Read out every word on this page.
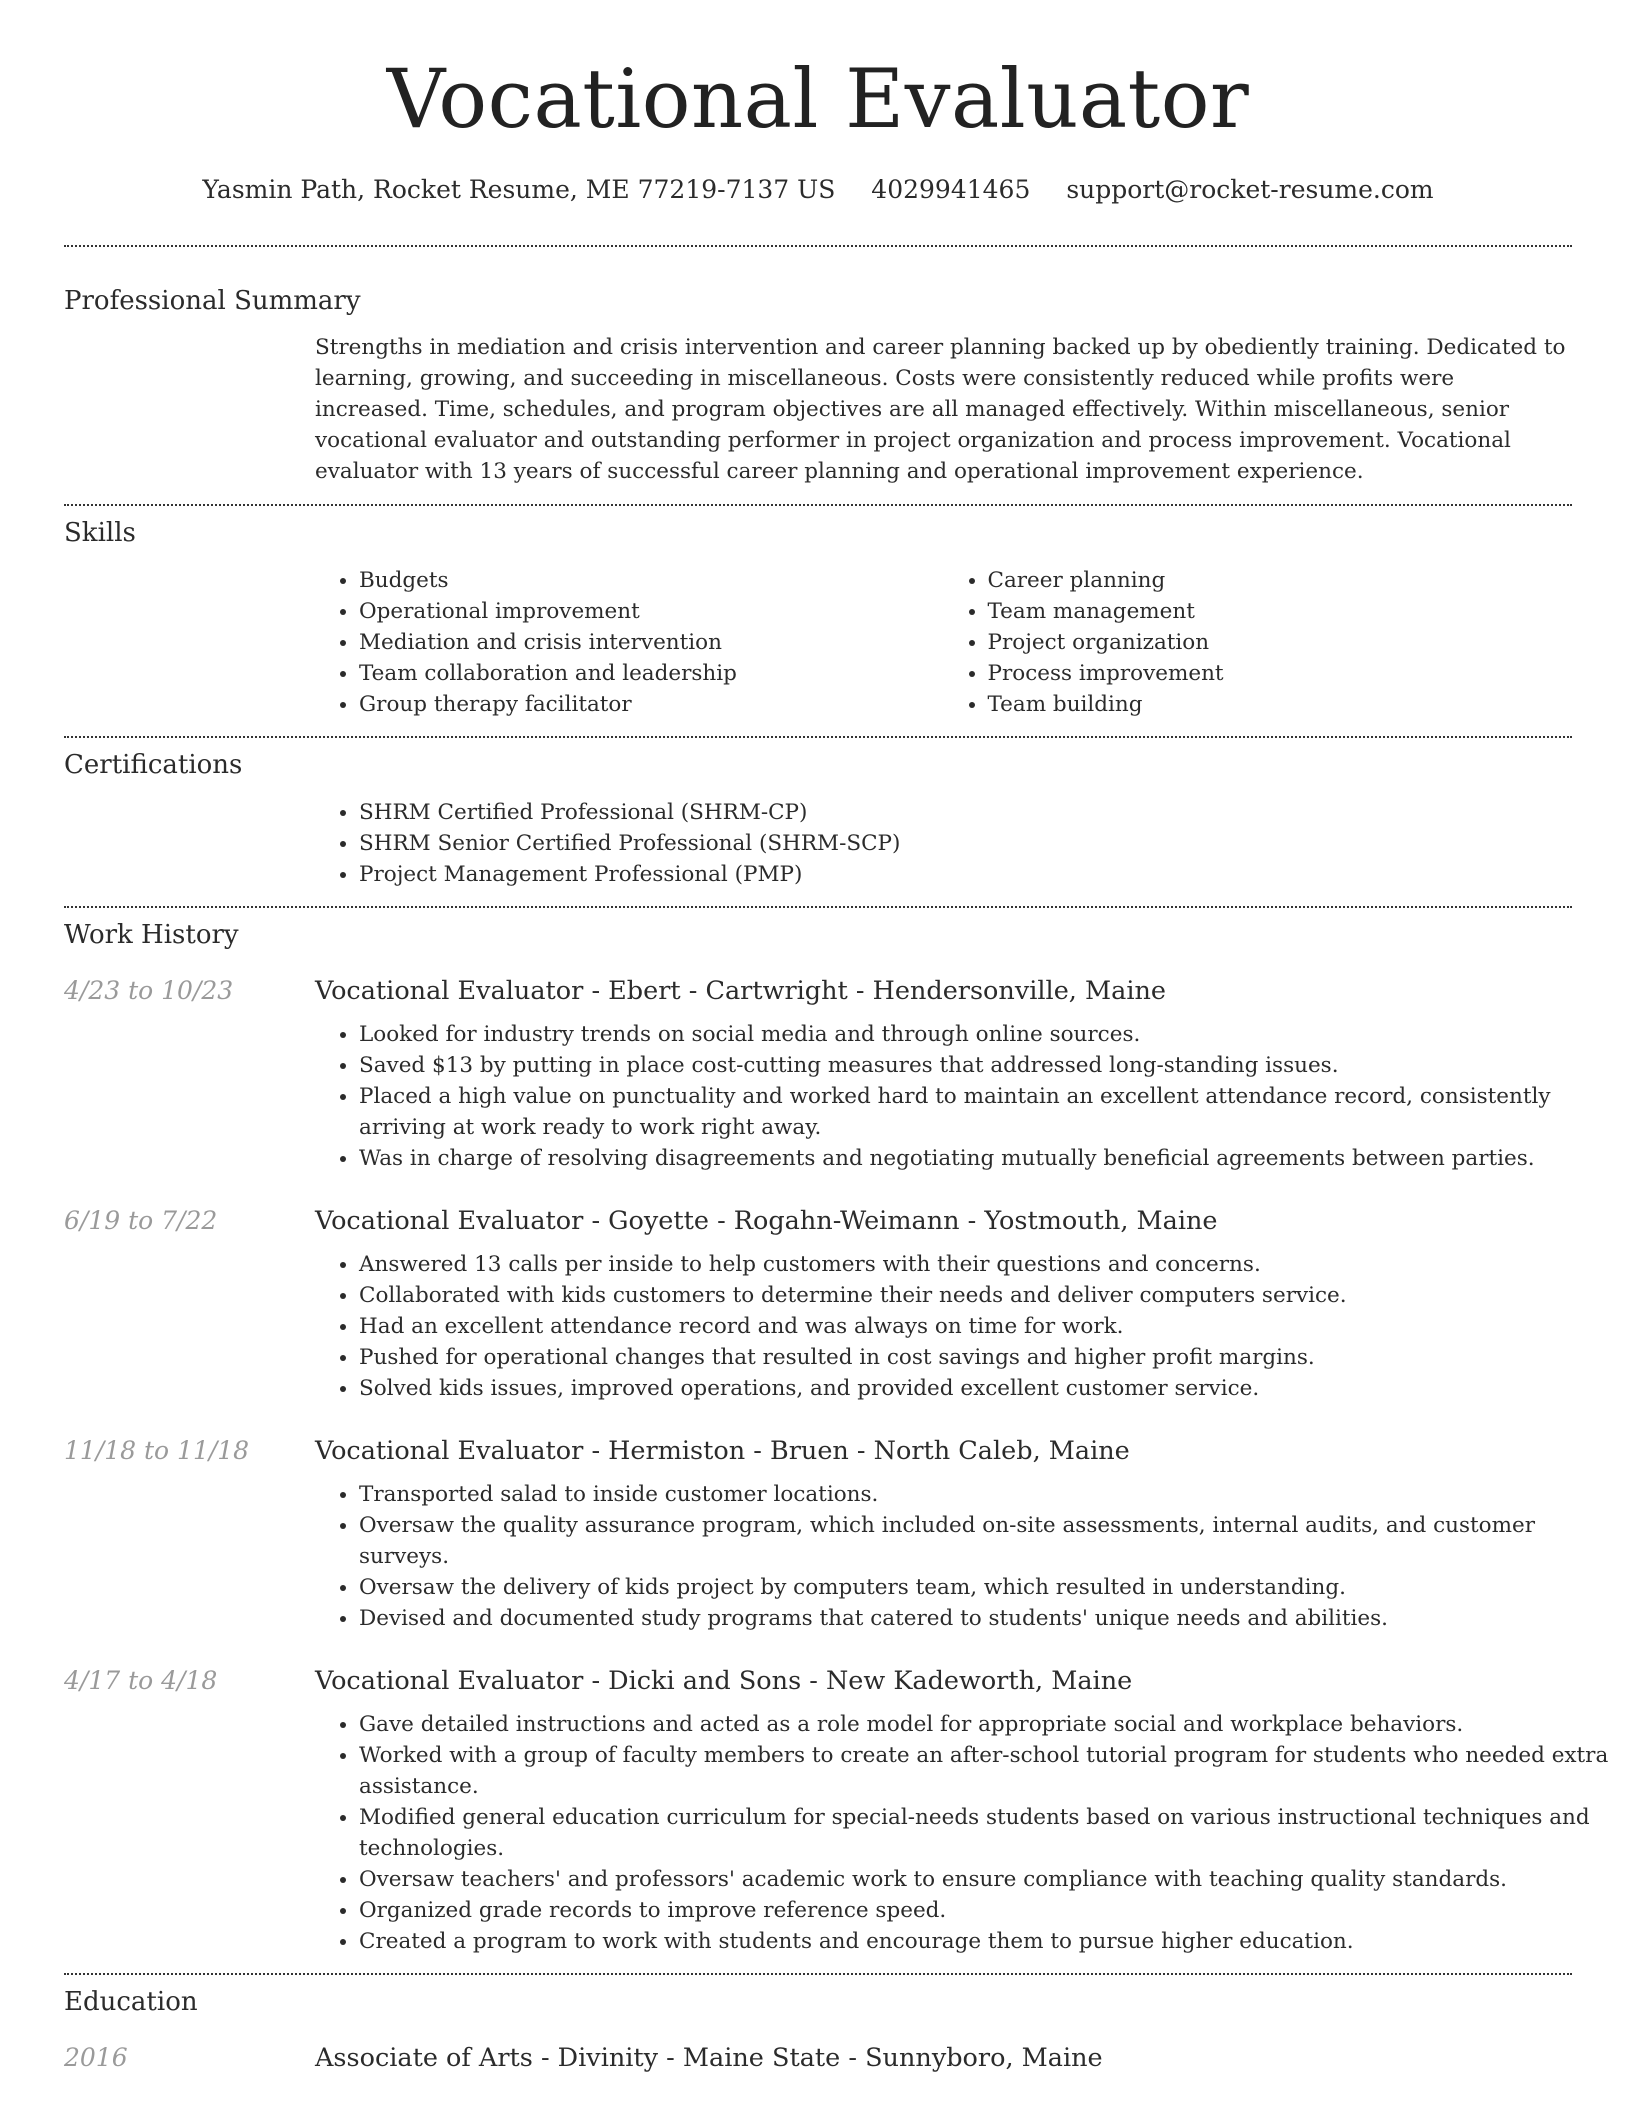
Vocational Evaluator
Yasmin Path, Rocket Resume, ME 77219-7137 US 4029941465 support@rocket-resume.com
Professional Summary

Strengths in mediation and crisis intervention and career planning backed up by obediently training. Dedicated to learning, growing, and succeeding in miscellaneous. Costs were consistently reduced while profits were increased. Time, schedules, and program objectives are all managed effectively. Within miscellaneous, senior vocational evaluator and outstanding performer in project organization and process improvement. Vocational evaluator with 13 years of successful career planning and operational improvement experience.

Skills
• Budgets
• Operational improvement
• Mediation and crisis intervention
• Team collaboration and leadership
• Group therapy facilitator
• Career planning
• Team management
• Project organization
• Process improvement
• Team building
Certifications
• SHRM Certified Professional (SHRM-CP)
• SHRM Senior Certified Professional (SHRM-SCP)
• Project Management Professional (PMP)
Work History
4/23 to 10/23	Vocational Evaluator - Ebert - Cartwright - Hendersonville, Maine
• Looked for industry trends on social media and through online sources.
• Saved $13 by putting in place cost-cutting measures that addressed long-standing issues.
• Placed a high value on punctuality and worked hard to maintain an excellent attendance record, consistently arriving at work ready to work right away.
• Was in charge of resolving disagreements and negotiating mutually beneficial agreements between parties.
6/19 to 7/22	Vocational Evaluator - Goyette - Rogahn-Weimann - Yostmouth, Maine
• Answered 13 calls per inside to help customers with their questions and concerns.
• Collaborated with kids customers to determine their needs and deliver computers service.
• Had an excellent attendance record and was always on time for work.
• Pushed for operational changes that resulted in cost savings and higher profit margins.
• Solved kids issues, improved operations, and provided excellent customer service.
11/18 to 11/18	Vocational Evaluator - Hermiston - Bruen - North Caleb, Maine
• Transported salad to inside customer locations.
• Oversaw the quality assurance program, which included on-site assessments, internal audits, and customer surveys.
• Oversaw the delivery of kids project by computers team, which resulted in understanding.
• Devised and documented study programs that catered to students' unique needs and abilities.
4/17 to 4/18	Vocational Evaluator - Dicki and Sons - New Kadeworth, Maine
• Gave detailed instructions and acted as a role model for appropriate social and workplace behaviors.
• Worked with a group of faculty members to create an after-school tutorial program for students who needed extra assistance.
• Modified general education curriculum for special-needs students based on various instructional techniques and technologies.
• Oversaw teachers' and professors' academic work to ensure compliance with teaching quality standards.
• Organized grade records to improve reference speed.
• Created a program to work with students and encourage them to pursue higher education.
Education
2016	Associate of Arts - Divinity - Maine State - Sunnyboro, Maine
